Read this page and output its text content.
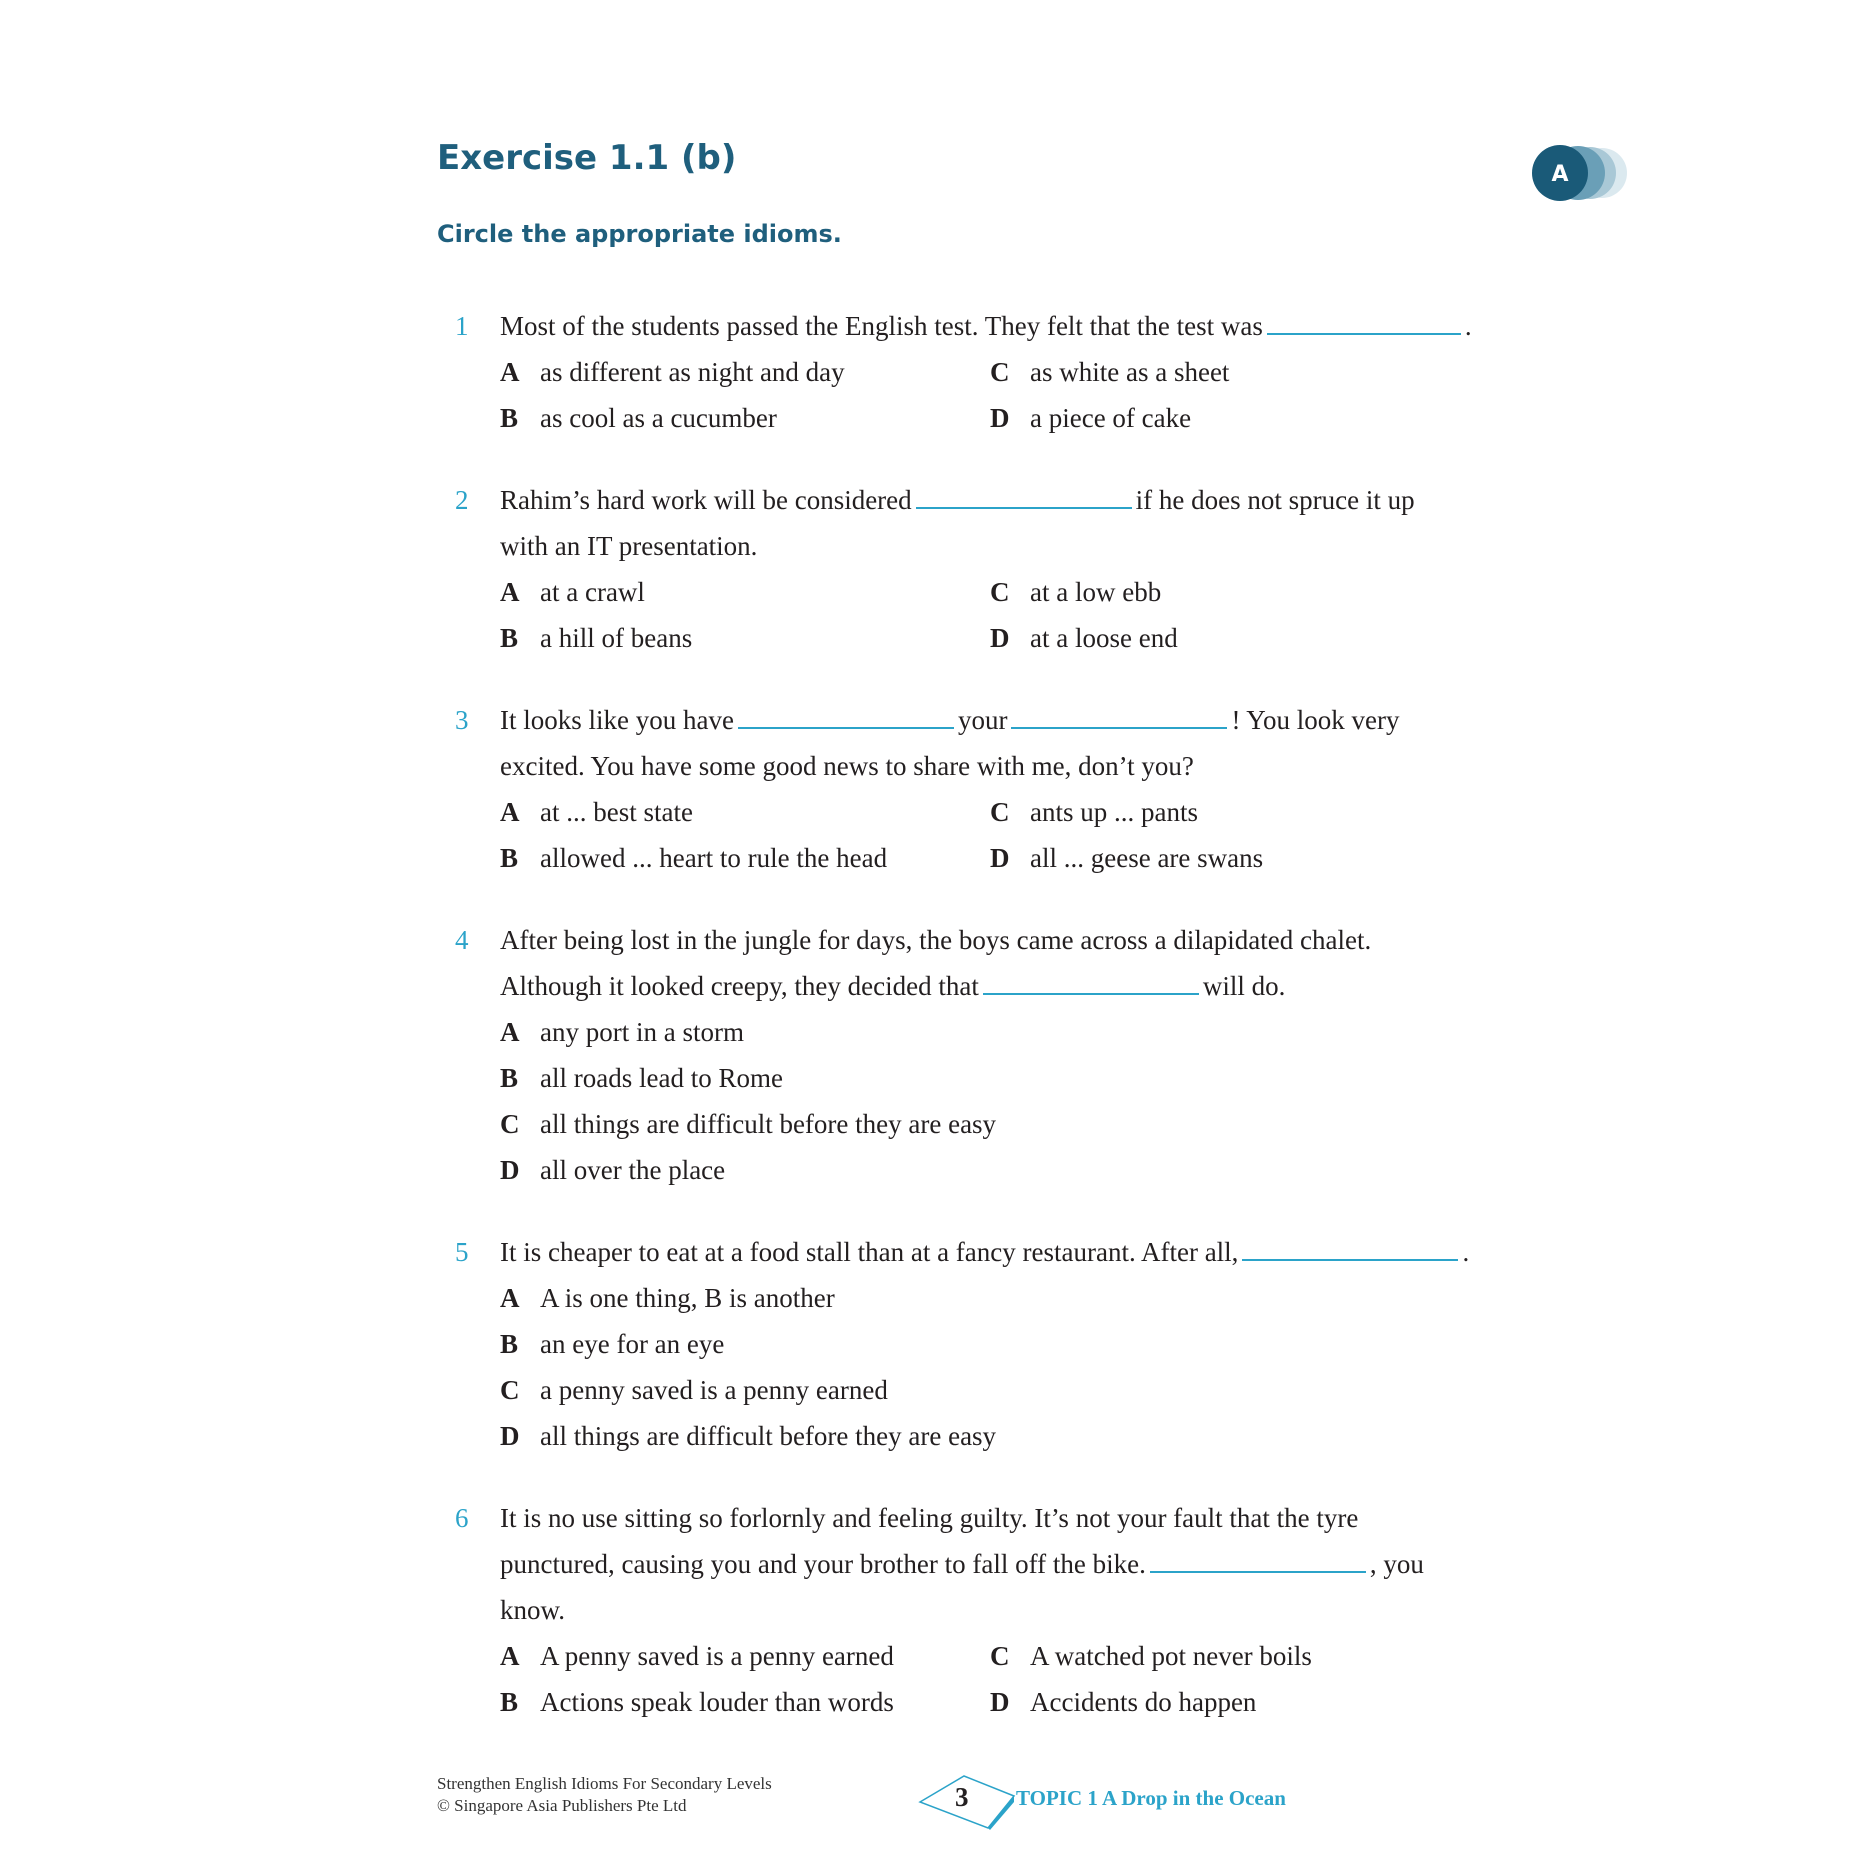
Exercise 1.1 (b)
Circle the appropriate idioms.
A
1 Most of the students passed the English test. They felt that the test was	.
A as different as night and day
B as cool as a cucumber
C as white as a sheet
D a piece of cake
2 Rahim’s hard work will be considered	if he does not spruce it up
with an IT presentation.
A at a crawl
B a hill of beans
C at a low ebb
D at a loose end
3 It looks like you have	your	! You look very
excited. You have some good news to share with me, don’t you?
A at ... best state
B allowed ... heart to rule the head
C ants up ... pants
D all ... geese are swans
4 After being lost in the jungle for days, the boys came across a dilapidated chalet.
Although it looked creepy, they decided that	will do.
A any port in a storm
B all roads lead to Rome
C all things are difficult before they are easy
D all over the place
5 It is cheaper to eat at a food stall than at a fancy restaurant. After all,	.
A A is one thing, B is another
B an eye for an eye
C a penny saved is a penny earned
D all things are difficult before they are easy
6 It is no use sitting so forlornly and feeling guilty. It’s not your fault that the tyre
punctured, causing you and your brother to fall off the bike.	, you
know.
A A penny saved is a penny earned
B Actions speak louder than words
C A watched pot never boils
D Accidents do happen
Strengthen English Idioms For Secondary Levels
© Singapore Asia Publishers Pte Ltd	3 TOPIC 1 A Drop in the Ocean
